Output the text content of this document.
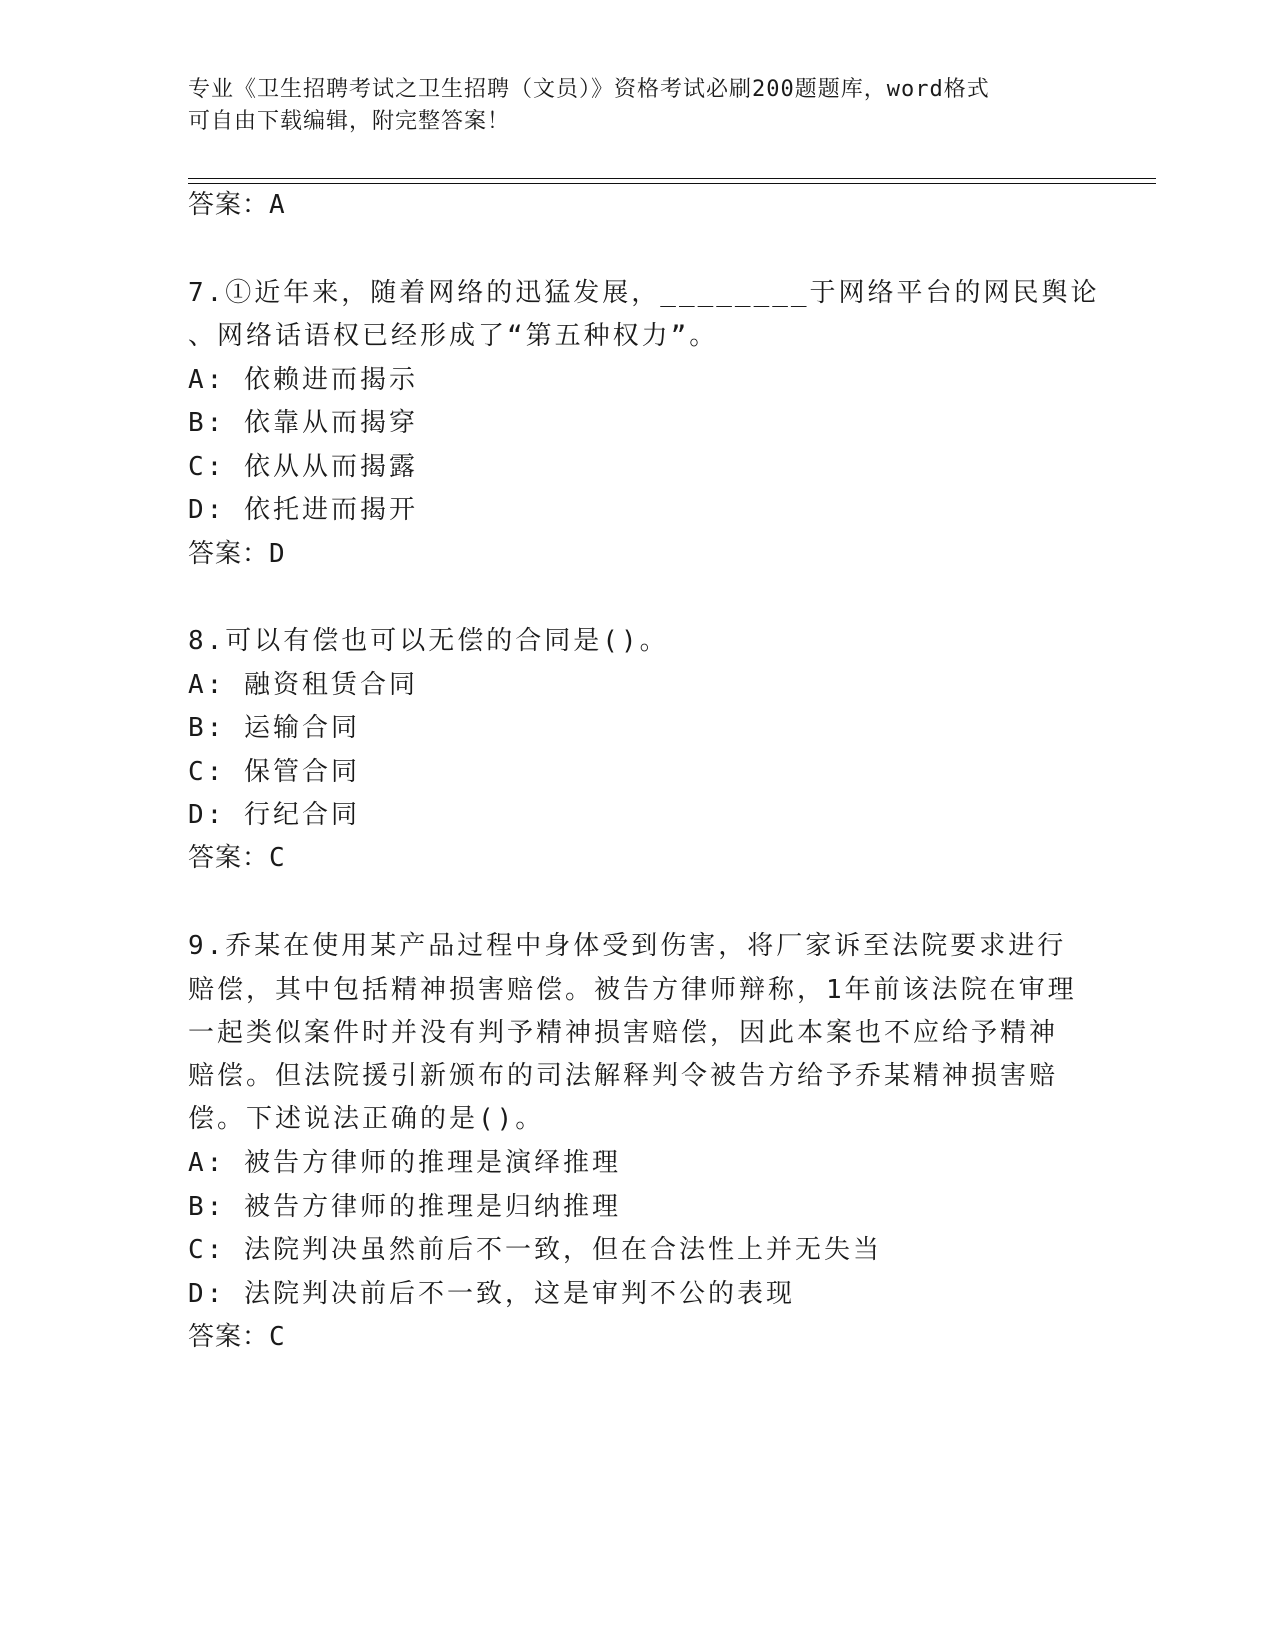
专业《卫生招聘考试之卫生招聘（文员）》资格考试必刷200题题库，word格式
可自由下载编辑，附完整答案！
答案：A
7.①近年来，随着网络的迅猛发展，________于网络平台的网民舆论
、网络话语权已经形成了“第五种权力”。
A: 依赖进而揭示
B: 依靠从而揭穿
C: 依从从而揭露
D: 依托进而揭开
答案：D
8.可以有偿也可以无偿的合同是()。
A: 融资租赁合同
B: 运输合同
C: 保管合同
D: 行纪合同
答案：C
9.乔某在使用某产品过程中身体受到伤害，将厂家诉至法院要求进行
赔偿，其中包括精神损害赔偿。被告方律师辩称，1年前该法院在审理
一起类似案件时并没有判予精神损害赔偿，因此本案也不应给予精神
赔偿。但法院援引新颁布的司法解释判令被告方给予乔某精神损害赔
偿。下述说法正确的是()。
A: 被告方律师的推理是演绎推理
B: 被告方律师的推理是归纳推理
C: 法院判决虽然前后不一致，但在合法性上并无失当
D: 法院判决前后不一致，这是审判不公的表现
答案：C
